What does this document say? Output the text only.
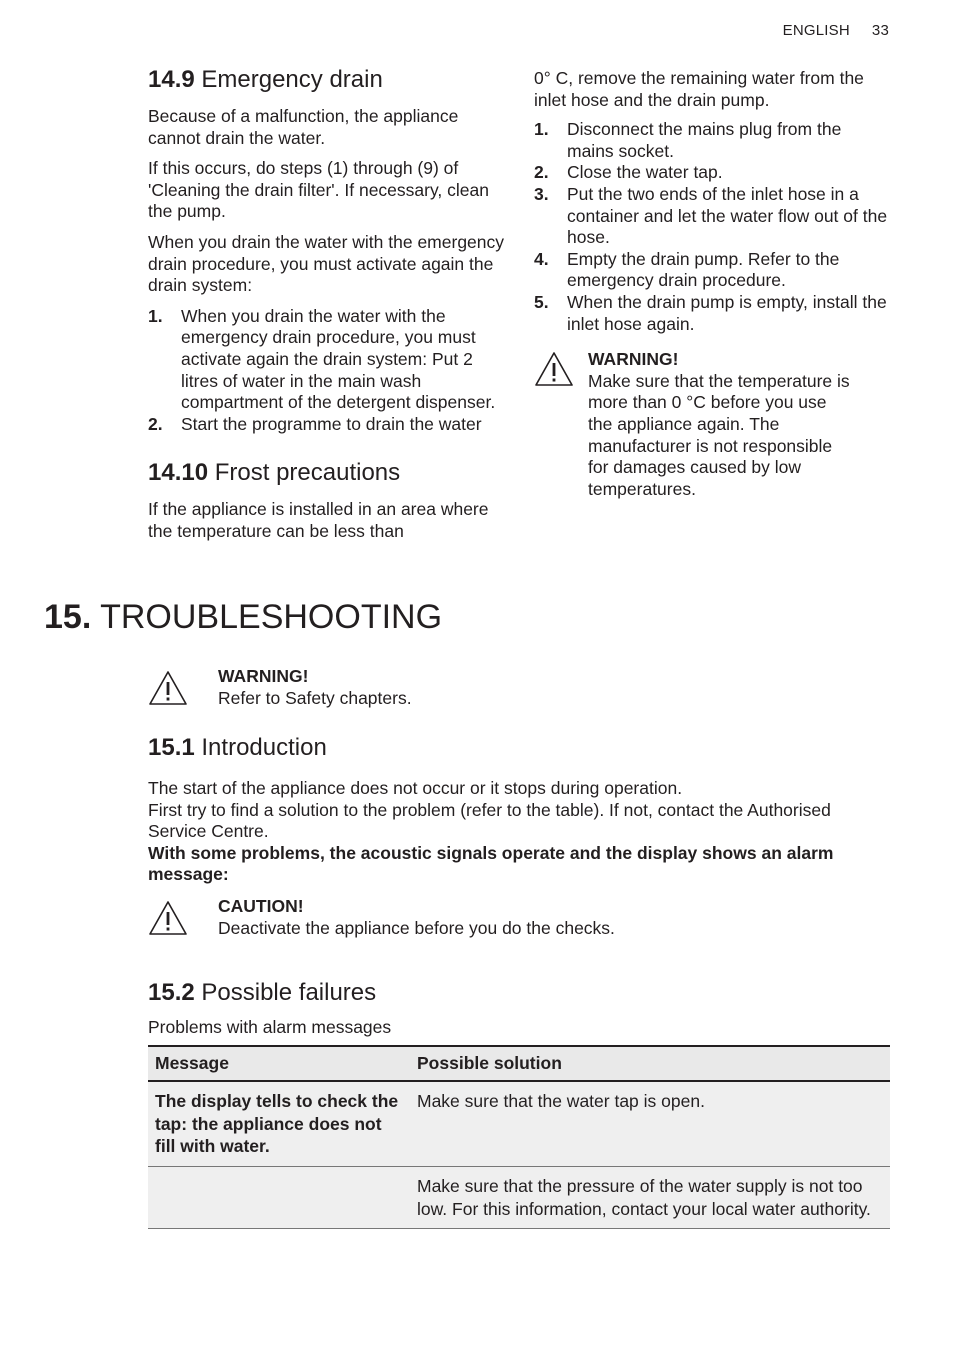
ENGLISH 33
14.9 Emergency drain

Because of a malfunction, the appliance cannot drain the water.

If this occurs, do steps (1) through (9) of 'Cleaning the drain filter'. If necessary, clean the pump.

When you drain the water with the emergency drain procedure, you must activate again the drain system:

1. When you drain the water with the emergency drain procedure, you must activate again the drain system: Put 2 litres of water in the main wash compartment of the detergent dispenser.
2. Start the programme to drain the water
14.10 Frost precautions

If the appliance is installed in an area where the temperature can be less than

0° C, remove the remaining water from the inlet hose and the drain pump.

1. Disconnect the mains plug from the mains socket.
2. Close the water tap.
3. Put the two ends of the inlet hose in a container and let the water flow out of the hose.
4. Empty the drain pump. Refer to the emergency drain procedure.
5. When the drain pump is empty, install the inlet hose again.
WARNING!
Make sure that the temperature is more than 0 °C before you use the appliance again. The manufacturer is not responsible for damages caused by low temperatures.
15. TROUBLESHOOTING
WARNING!
Refer to Safety chapters.
15.1 Introduction

The start of the appliance does not occur or it stops during operation.

First try to find a solution to the problem (refer to the table). If not, contact the Authorised Service Centre.

With some problems, the acoustic signals operate and the display shows an alarm message:

CAUTION!
Deactivate the appliance before you do the checks.
15.2 Possible failures

Problems with alarm messages

Message	Possible solution
The display tells to check the tap: the appliance does not fill with water.	Make sure that the water tap is open.
	Make sure that the pressure of the water supply is not too low. For this information, contact your local water authority.
